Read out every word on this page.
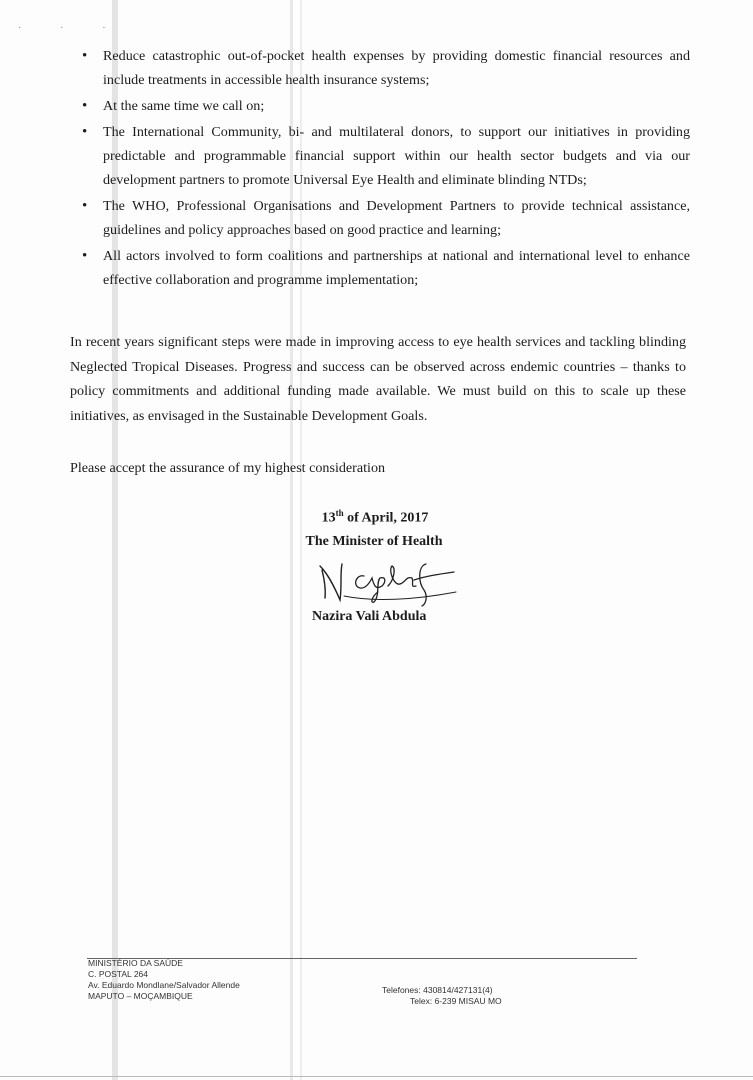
· · ·
• Reduce catastrophic out-of-pocket health expenses by providing domestic financial resources and include treatments in accessible health insurance systems;
• At the same time we call on;
• The International Community, bi- and multilateral donors, to support our initiatives in providing predictable and programmable financial support within our health sector budgets and via our development partners to promote Universal Eye Health and eliminate blinding NTDs;
• The WHO, Professional Organisations and Development Partners to provide technical assistance, guidelines and policy approaches based on good practice and learning;
• All actors involved to form coalitions and partnerships at national and international level to enhance effective collaboration and programme implementation;

In recent years significant steps were made in improving access to eye health services and tackling blinding Neglected Tropical Diseases. Progress and success can be observed across endemic countries – thanks to policy commitments and additional funding made available. We must build on this to scale up these initiatives, as envisaged in the Sustainable Development Goals.

Please accept the assurance of my highest consideration

13th of April, 2017
The Minister of Health
Nazira Vali Abdula
MINISTÉRIO DA SAÚDE
C. POSTAL 264
Av. Eduardo Mondlane/Salvador Allende
MAPUTO – MOÇAMBIQUE
Telefones: 430814/427131(4)
Telex: 6-239 MISAU MO
